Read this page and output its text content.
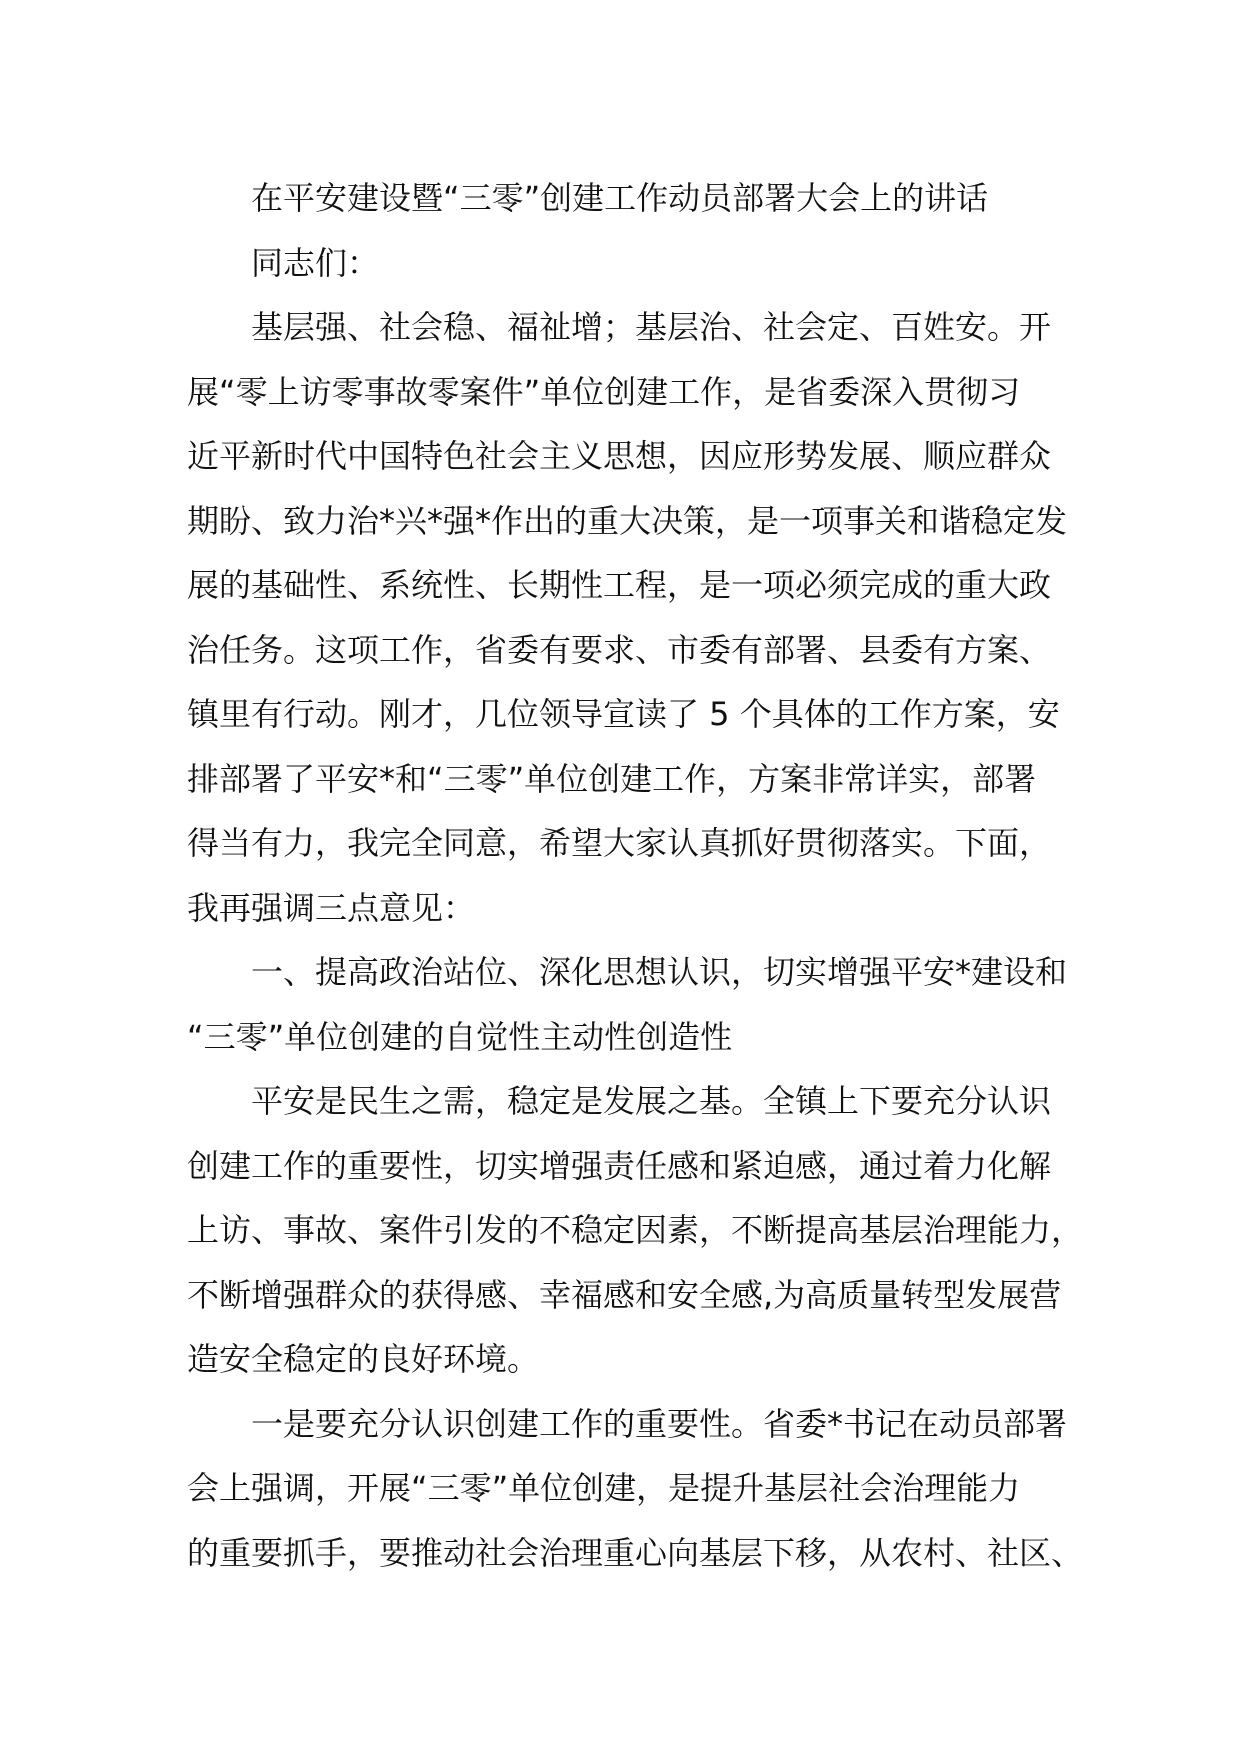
在平安建设暨“三零”创建工作动员部署大会上的讲话
同志们：
基层强、社会稳、福祉增；基层治、社会定、百姓安。开
展“零上访零事故零案件”单位创建工作，是省委深入贯彻习
近平新时代中国特色社会主义思想，因应形势发展、顺应群众
期盼、致力治*兴*强*作出的重大决策，是一项事关和谐稳定发
展的基础性、系统性、长期性工程，是一项必须完成的重大政
治任务。这项工作，省委有要求、市委有部署、县委有方案、
镇里有行动。刚才，几位领导宣读了 5 个具体的工作方案，安
排部署了平安*和“三零”单位创建工作，方案非常详实，部署
得当有力，我完全同意，希望大家认真抓好贯彻落实。下面，
我再强调三点意见：
一、提高政治站位、深化思想认识，切实增强平安*建设和
“三零”单位创建的自觉性主动性创造性
平安是民生之需，稳定是发展之基。全镇上下要充分认识
创建工作的重要性，切实增强责任感和紧迫感，通过着力化解
上访、事故、案件引发的不稳定因素，不断提高基层治理能力，
不断增强群众的获得感、幸福感和安全感,为高质量转型发展营
造安全稳定的良好环境。
一是要充分认识创建工作的重要性。省委*书记在动员部署
会上强调，开展“三零”单位创建，是提升基层社会治理能力
的重要抓手，要推动社会治理重心向基层下移，从农村、社区、
